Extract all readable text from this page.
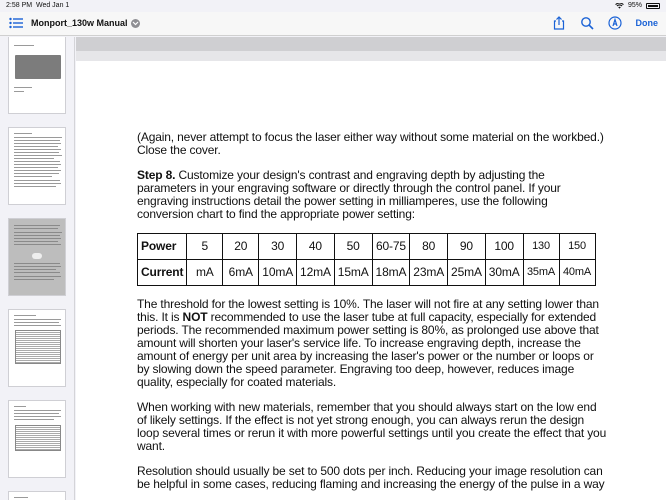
2:58 PM Wed Jan 1	95%
Monport_130w Manual	Done

(Again, never attempt to focus the laser either way without some material on the workbed.)
Close the cover.

Step 8. Customize your design's contrast and engraving depth by adjusting the parameters in your engraving software or directly through the control panel. If your engraving instructions detail the power setting in milliamperes, use the following conversion chart to find the appropriate power setting:

Power	5	20	30	40	50	60-75	80	90	100	130	150
Current	mA	6mA	10mA	12mA	15mA	18mA	23mA	25mA	30mA	35mA	40mA

The threshold for the lowest setting is 10%. The laser will not fire at any setting lower than this. It is NOT recommended to use the laser tube at full capacity, especially for extended periods. The recommended maximum power setting is 80%, as prolonged use above that amount will shorten your laser's service life. To increase engraving depth, increase the amount of energy per unit area by increasing the laser's power or the number or loops or by slowing down the speed parameter. Engraving too deep, however, reduces image quality, especially for coated materials.

When working with new materials, remember that you should always start on the low end of likely settings. If the effect is not yet strong enough, you can always rerun the design loop several times or rerun it with more powerful settings until you create the effect that you want.

Resolution should usually be set to 500 dots per inch. Reducing your image resolution can
be helpful in some cases, reducing flaming and increasing the energy of the pulse in a way
